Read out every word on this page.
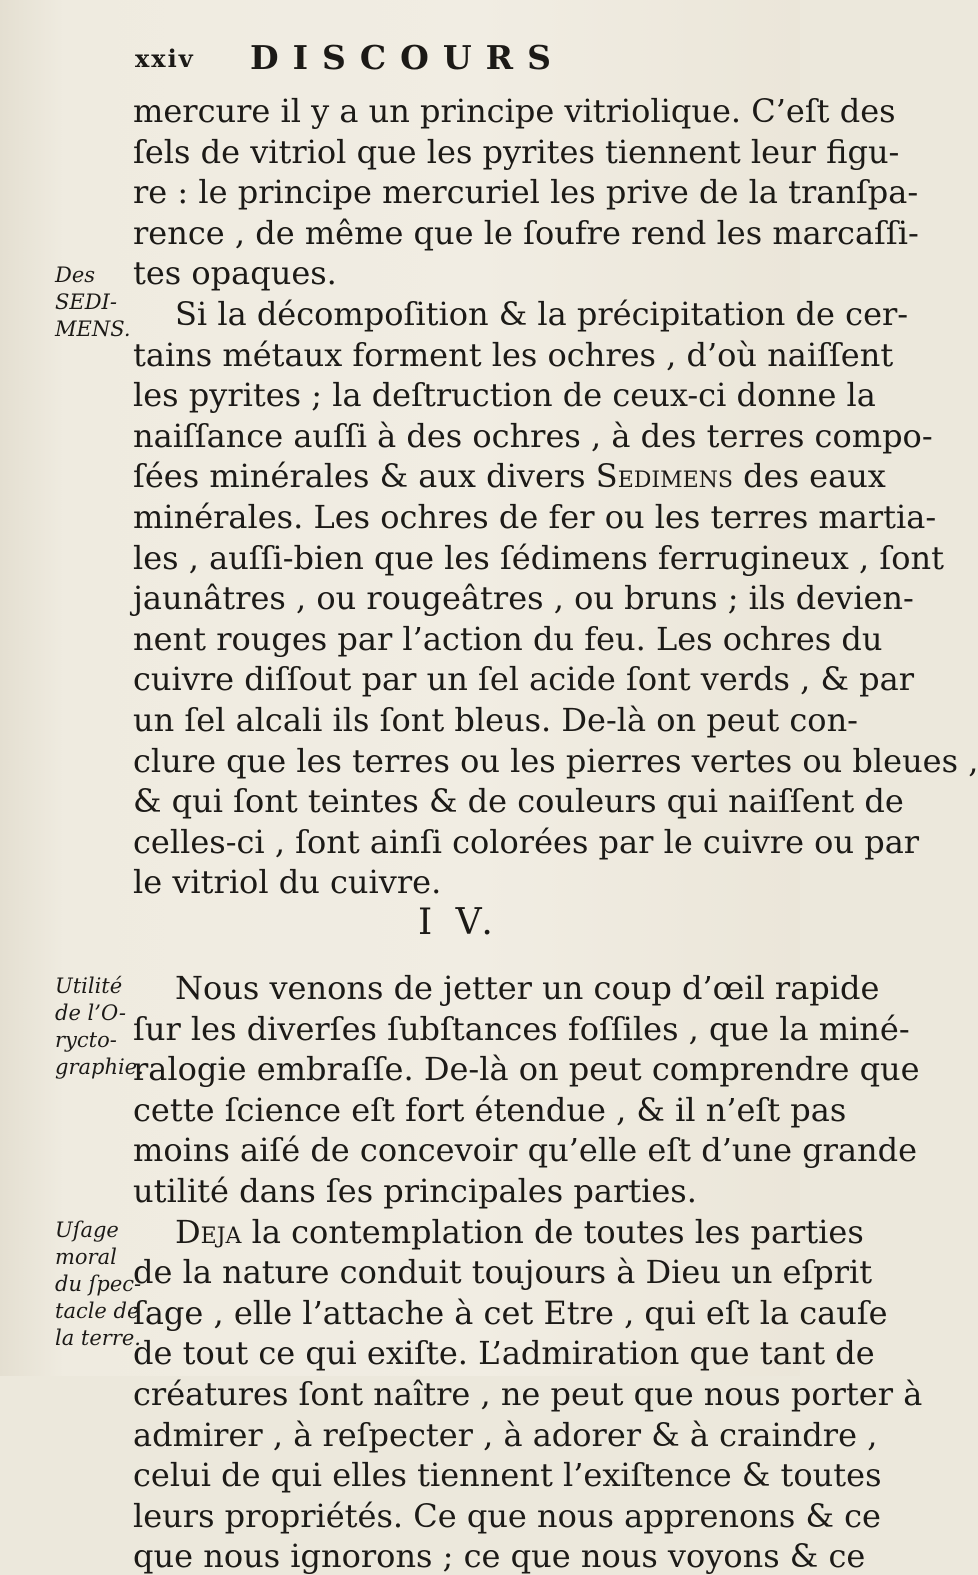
xxiv DISCOURS
mercure il y a un principe vitriolique. C’eſt des
ſels de vitriol que les pyrites tiennent leur figu-
re : le principe mercuriel les prive de la tranſpa-
rence , de même que le ſoufre rend les marcaſſi-
tes opaques.
Si la décompoſition & la précipitation de cer-
tains métaux forment les ochres , d’où naiſſent
les pyrites ; la deſtruction de ceux-ci donne la
naiſſance auſſi à des ochres , à des terres compo-
ſées minérales & aux divers Sedimens des eaux
minérales. Les ochres de fer ou les terres martia-
les , auſſi-bien que les ſédimens ferrugineux , ſont
jaunâtres , ou rougeâtres , ou bruns ; ils devien-
nent rouges par l’action du feu. Les ochres du
cuivre diſſout par un ſel acide ſont verds , & par
un ſel alcali ils ſont bleus. De-là on peut con-
clure que les terres ou les pierres vertes ou bleues ,
& qui ſont teintes & de couleurs qui naiſſent de
celles-ci , ſont ainſi colorées par le cuivre ou par
le vitriol du cuivre.
I V.
Nous venons de jetter un coup d’œil rapide
ſur les diverſes ſubſtances foſſiles , que la miné-
ralogie embraſſe. De-là on peut comprendre que
cette ſcience eſt fort étendue , & il n’eſt pas
moins aiſé de concevoir qu’elle eſt d’une grande
utilité dans ſes principales parties.
Deja la contemplation de toutes les parties
de la nature conduit toujours à Dieu un eſprit
Des
SEDI-
MENS.
Utilité
de l’O-
ryctо-
graphie.
Uſage
moral
du ſpec-
tacle de
la terre.
ſage , elle l’attache à cet Etre , qui eſt la cauſe
de tout ce qui exiſte. L’admiration que tant de
créatures ſont naître , ne peut que nous porter à
admirer , à reſpecter , à adorer & à craindre ,
celui de qui elles tiennent l’exiſtence & toutes
leurs propriétés. Ce que nous apprenons & ce
que nous ignorons ; ce que nous voyons & ce
